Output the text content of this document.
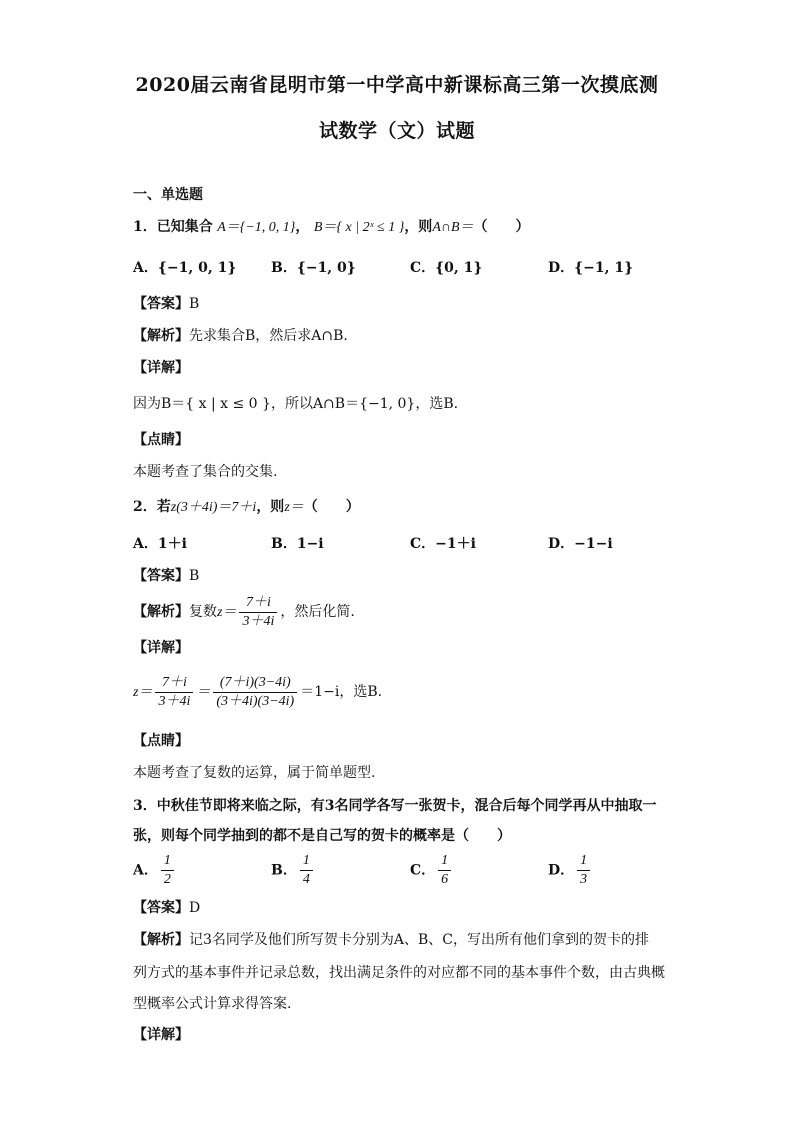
2020届云南省昆明市第一中学高中新课标高三第一次摸底测
试数学（文）试题
一、单选题
1．已知集合 A＝{−1, 0, 1}， B＝{ x | 2ˣ ≤ 1 }，则A∩B＝（　　）
A．{−1, 0, 1} B．{−1, 0}	C．{0, 1}	D．{−1, 1}
【答案】B
【解析】先求集合B，然后求A∩B.
【详解】
因为B＝{ x | x ≤ 0 }，所以A∩B＝{−1, 0}，选B.
【点睛】
本题考查了集合的交集.
2．若z(3＋4i)＝7＋i，则z＝（　　）
A．1＋i	B．1−i	C．−1＋i	D．−1−i
【答案】B
【解析】复数$z= \frac{7+i}{3+4i}$ ，然后化简.
【详解】
$z= \frac{7+i}{3+4i} = \frac{(7+i)(3-4i)}{(3+4i)(3-4i)} =1-i$，选B.
【点睛】
本题考查了复数的运算，属于简单题型.
3．中秋佳节即将来临之际，有3名同学各写一张贺卡，混合后每个同学再从中抽取一
张，则每个同学抽到的都不是自己写的贺卡的概率是（　　）
A． $\frac{1}{2}$	B． $\frac{1}{4}$	C． $\frac{1}{6}$	D． $\frac{1}{3}$
【答案】D
【解析】记3名同学及他们所写贺卡分别为A、B、C，写出所有他们拿到的贺卡的排
列方式的基本事件并记录总数，找出满足条件的对应都不同的基本事件个数，由古典概
型概率公式计算求得答案.
【详解】
